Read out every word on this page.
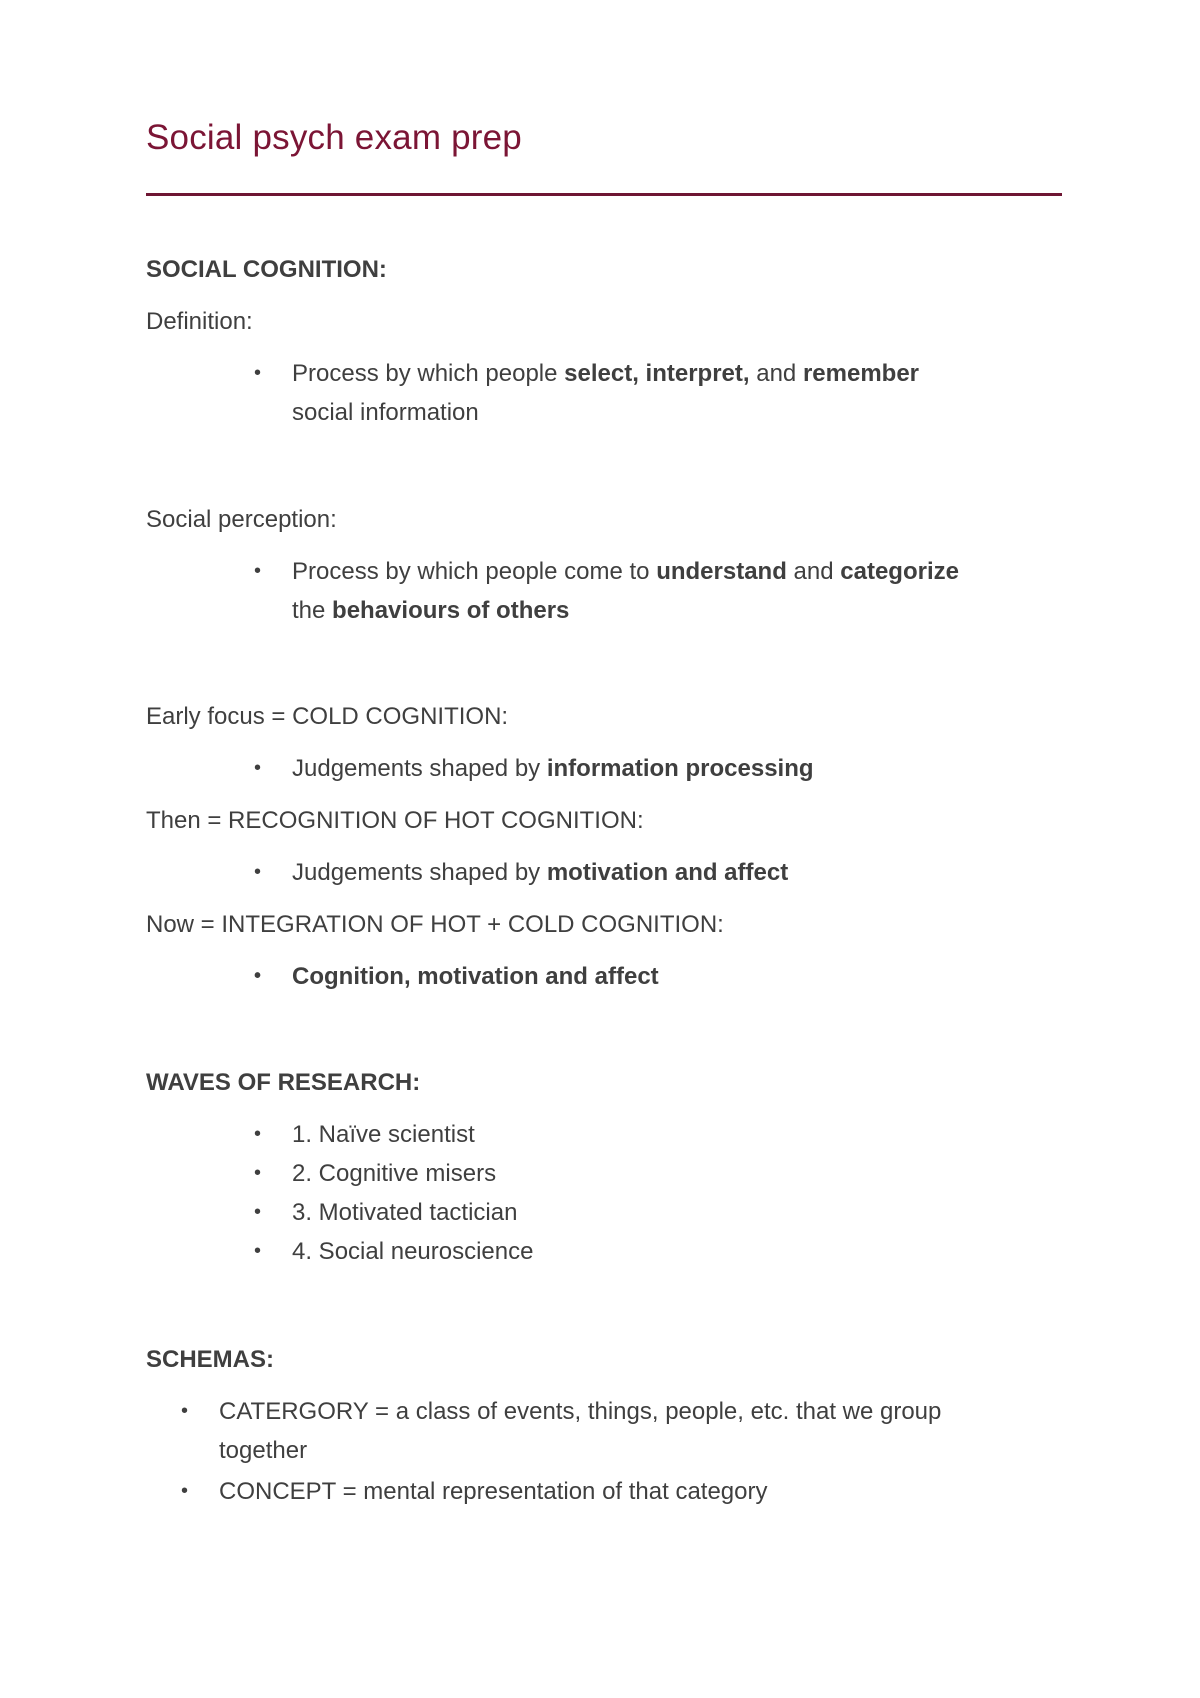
Social psych exam prep

SOCIAL COGNITION:

Definition:

• Process by which people select, interpret, and remember

social information

Social perception:

• Process by which people come to understand and categorize

the behaviours of others

Early focus = COLD COGNITION:

• Judgements shaped by information processing

Then = RECOGNITION OF HOT COGNITION:

• Judgements shaped by motivation and affect

Now = INTEGRATION OF HOT + COLD COGNITION:

• Cognition, motivation and affect

WAVES OF RESEARCH:

• 1. Naïve scientist

• 2. Cognitive misers

• 3. Motivated tactician

• 4. Social neuroscience

SCHEMAS:

• CATERGORY = a class of events, things, people, etc. that we group

together

• CONCEPT = mental representation of that category
